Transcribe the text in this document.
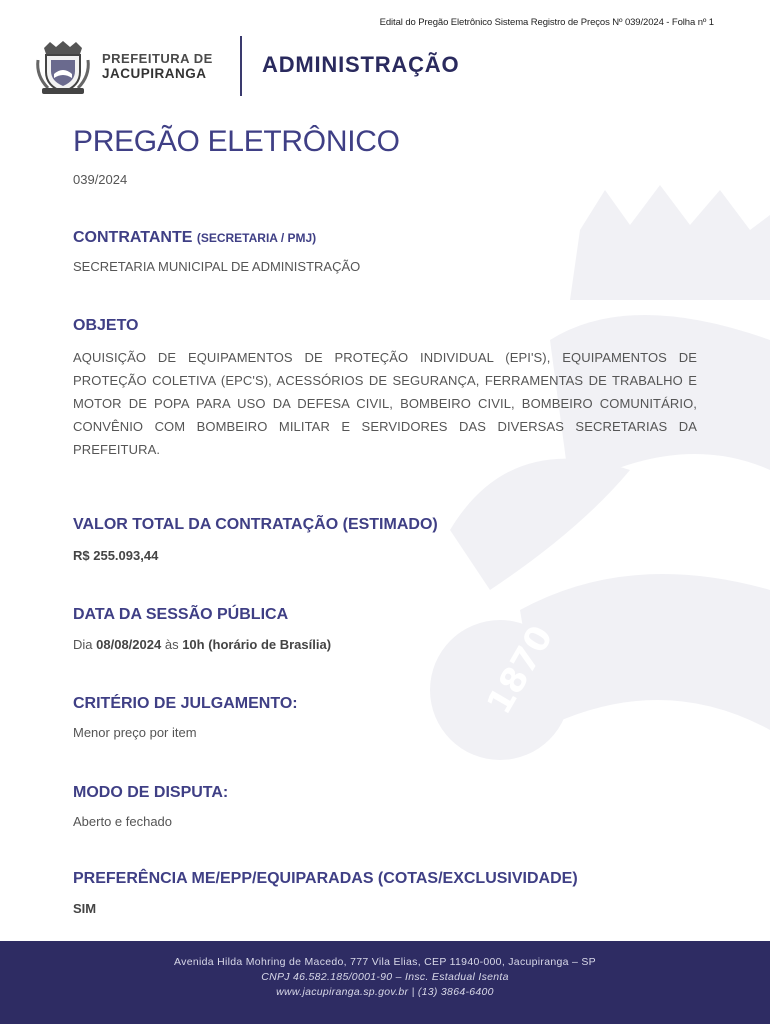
Edital do Pregão Eletrônico Sistema Registro de Preços Nº 039/2024 - Folha nº 1
PREFEITURA DE
JACUPIRANGA	ADMINISTRAÇÃO
1870
JACUPI
PREGÃO ELETRÔNICO
039/2024
CONTRATANTE (SECRETARIA / PMJ)
SECRETARIA MUNICIPAL DE ADMINISTRAÇÃO
OBJETO
AQUISIÇÃO DE EQUIPAMENTOS DE PROTEÇÃO INDIVIDUAL (EPI'S), EQUIPAMENTOS DE PROTEÇÃO COLETIVA (EPC'S), ACESSÓRIOS DE SEGURANÇA, FERRAMENTAS DE TRABALHO E MOTOR DE POPA PARA USO DA DEFESA CIVIL, BOMBEIRO CIVIL, BOMBEIRO COMUNITÁRIO, CONVÊNIO COM BOMBEIRO MILITAR E SERVIDORES DAS DIVERSAS SECRETARIAS DA PREFEITURA.
VALOR TOTAL DA CONTRATAÇÃO (ESTIMADO)
R$ 255.093,44
DATA DA SESSÃO PÚBLICA
Dia 08/08/2024 às 10h (horário de Brasília)
CRITÉRIO DE JULGAMENTO:
Menor preço por item
MODO DE DISPUTA:
Aberto e fechado
PREFERÊNCIA ME/EPP/EQUIPARADAS (COTAS/EXCLUSIVIDADE)
SIM
Avenida Hilda Mohring de Macedo, 777 Vila Elias, CEP 11940-000, Jacupiranga – SP
CNPJ 46.582.185/0001-90 – Insc. Estadual Isenta
www.jacupiranga.sp.gov.br | (13) 3864-6400
